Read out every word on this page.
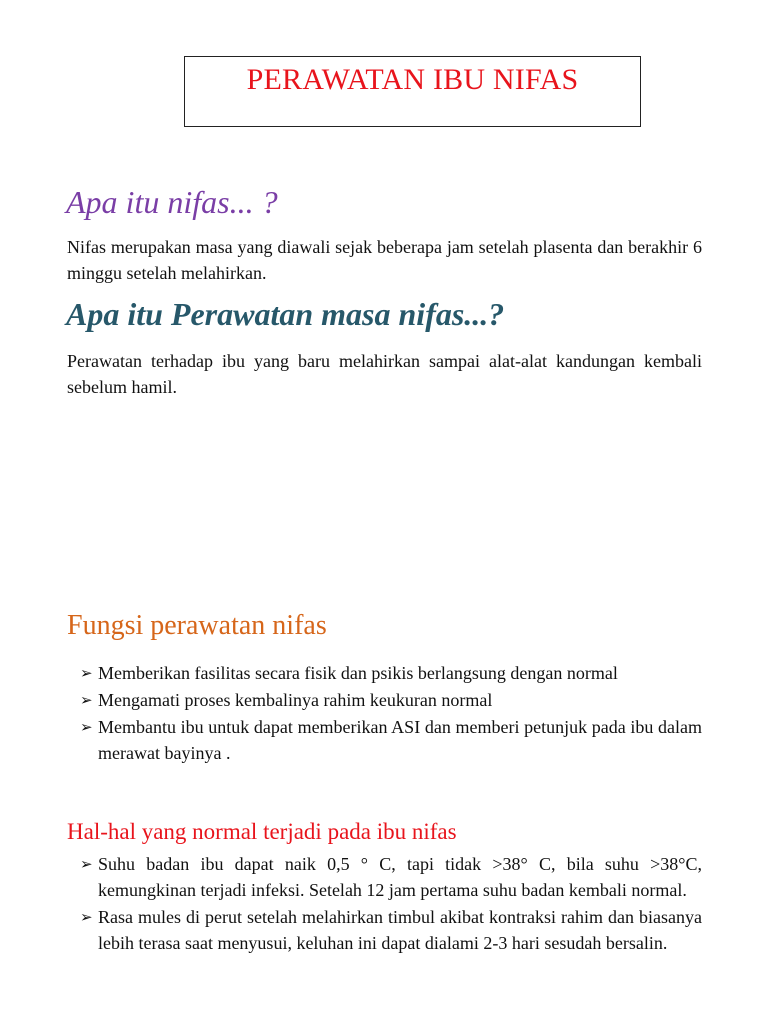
PERAWATAN IBU NIFAS
Apa itu nifas... ?

Nifas merupakan masa yang diawali sejak beberapa jam setelah plasenta dan berakhir 6 minggu setelah melahirkan.

Apa itu Perawatan masa nifas...?

Perawatan terhadap ibu yang baru melahirkan sampai alat-alat kandungan kembali sebelum hamil.

Fungsi perawatan nifas
➢ Memberikan fasilitas secara fisik dan psikis berlangsung dengan normal
➢ Mengamati proses kembalinya rahim keukuran normal
➢ Membantu ibu untuk dapat memberikan ASI dan memberi petunjuk pada ibu dalam merawat bayinya .
Hal-hal yang normal terjadi pada ibu nifas
➢ Suhu badan ibu dapat naik 0,5 ° C, tapi tidak >38° C, bila suhu >38°C, kemungkinan terjadi infeksi. Setelah 12 jam pertama suhu badan kembali normal.
➢ Rasa mules di perut setelah melahirkan timbul akibat kontraksi rahim dan biasanya lebih terasa saat menyusui, keluhan ini dapat dialami 2-3 hari sesudah bersalin.
